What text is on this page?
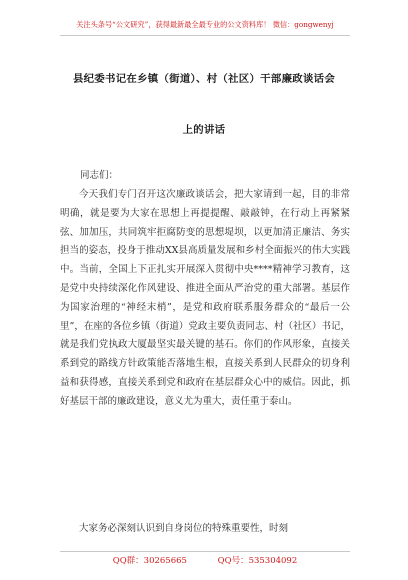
关注头条号“公文研究”，获得最新最全最专业的公文资料库！ 微信：gongwenyj
县纪委书记在乡镇（街道）、村（社区）干部廉政谈话会
上的讲话
同志们：

今天我们专门召开这次廉政谈话会，把大家请到一起，目的非常明确，就是要为大家在思想上再提提醒、敲敲钟，在行动上再紧紧弦、加加压，共同筑牢拒腐防变的思想堤坝，以更加清正廉洁、务实担当的姿态，投身于推动XX县高质量发展和乡村全面振兴的伟大实践中。当前，全国上下正扎实开展深入贯彻中央****精神学习教育，这是党中央持续深化作风建设、推进全面从严治党的重大部署。基层作为国家治理的“神经末梢”，是党和政府联系服务群众的“最后一公里”，在座的各位乡镇（街道）党政主要负责同志、村（社区）书记，就是我们党执政大厦最坚实最关键的基石。你们的作风形象，直接关系到党的路线方针政策能否落地生根，直接关系到人民群众的切身利益和获得感，直接关系到党和政府在基层群众心中的威信。因此，抓好基层干部的廉政建设，意义尤为重大，责任重于泰山。

大家务必深刻认识到自身岗位的特殊重要性，时刻

QQ群：30265665	QQ号：535304092
